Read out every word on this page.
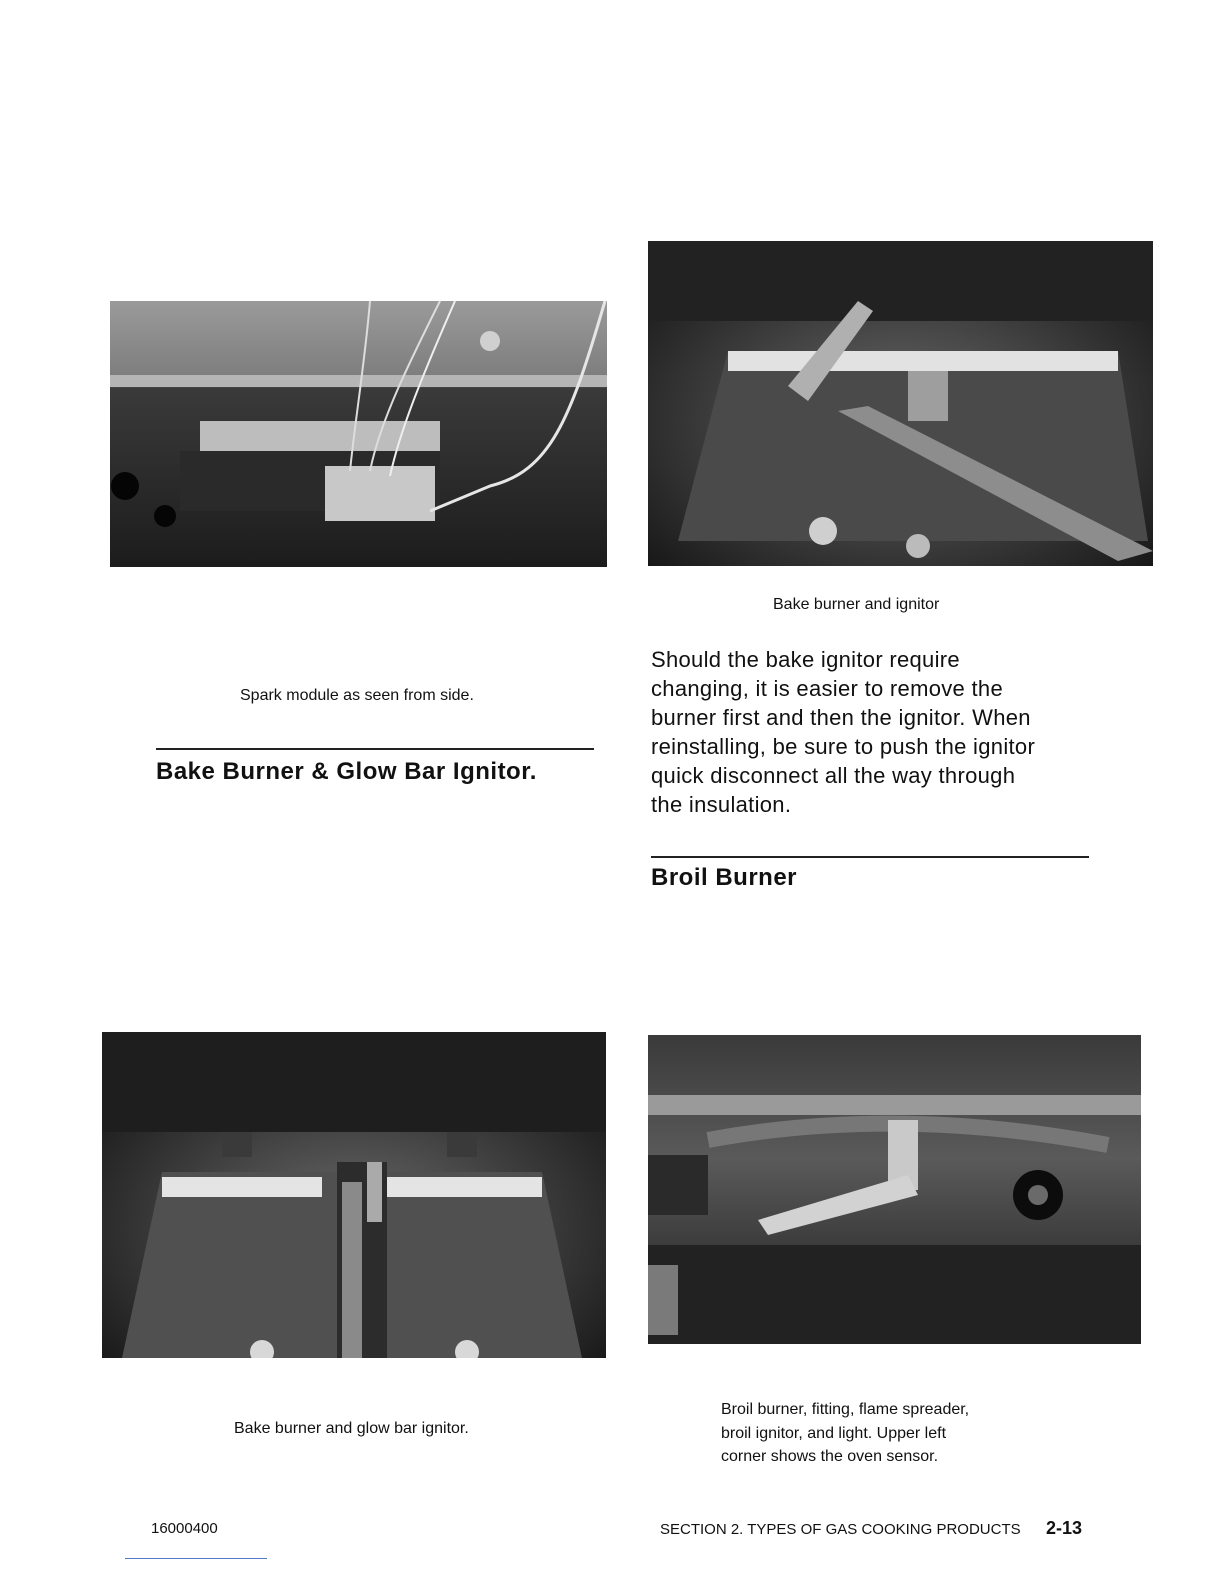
Spark module as seen from side.
Bake burner and ignitor
Bake Burner & Glow Bar Ignitor.
Should the bake ignitor require
changing, it is easier to remove the
burner first and then the ignitor. When
reinstalling, be sure to push the ignitor
quick disconnect all the way through
the insulation.
Broil Burner
Bake burner and glow bar ignitor.
Broil burner, fitting, flame spreader,
broil ignitor, and light. Upper left
corner shows the oven sensor.
16000400	SECTION 2. TYPES OF GAS COOKING PRODUCTS 2-13
